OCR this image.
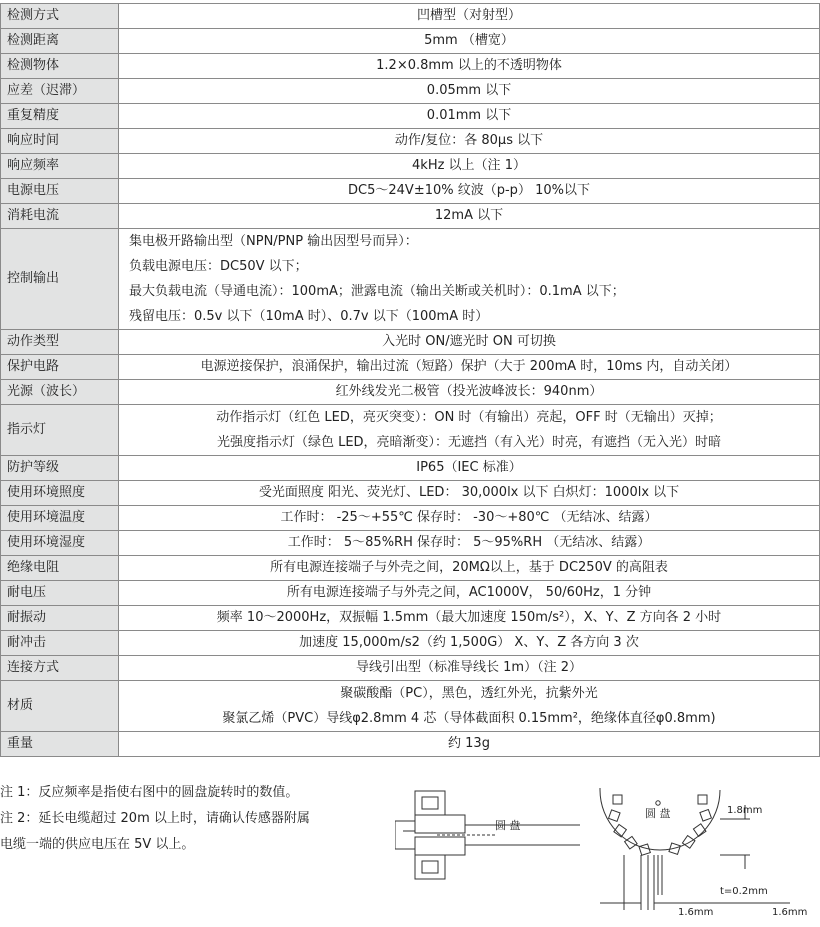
检测方式	凹槽型（对射型）
检测距离	5mm （槽宽）
检测物体	1.2×0.8mm 以上的不透明物体
应差（迟滞）	0.05mm 以下
重复精度	0.01mm 以下
响应时间	动作/复位：各 80μs 以下
响应频率	4kHz 以上（注 1）
电源电压	DC5～24V±10% 纹波（p-p） 10%以下
消耗电流	12mA 以下
控制输出	集电极开路输出型（NPN/PNP 输出因型号而异）：
负载电源电压：DC50V 以下；
最大负载电流（导通电流）：100mA；泄露电流（输出关断或关机时）：0.1mA 以下；
残留电压：0.5v 以下（10mA 时）、0.7v 以下（100mA 时）

动作类型	入光时 ON/遮光时 ON 可切换
保护电路	电源逆接保护，浪涌保护，输出过流（短路）保护（大于 200mA 时，10ms 内，自动关闭）
光源（波长）	红外线发光二极管（投光波峰波长：940nm）
指示灯	动作指示灯（红色 LED，亮灭突变）：ON 时（有输出）亮起，OFF 时（无输出）灭掉；
光强度指示灯（绿色 LED，亮暗渐变）：无遮挡（有入光）时亮，有遮挡（无入光）时暗

防护等级	IP65（IEC 标准）
使用环境照度	受光面照度 阳光、荧光灯、LED： 30,000lx 以下 白炽灯：1000lx 以下
使用环境温度	工作时： -25～+55℃ 保存时： -30～+80℃ （无结冰、结露）
使用环境湿度	工作时： 5～85%RH 保存时： 5～95%RH （无结冰、结露）
绝缘电阻	所有电源连接端子与外壳之间，20MΩ以上，基于 DC250V 的高阻表
耐电压	所有电源连接端子与外壳之间，AC1000V， 50/60Hz，1 分钟
耐振动	频率 10～2000Hz，双振幅 1.5mm（最大加速度 150m/s²），X、Y、Z 方向各 2 小时
耐冲击	加速度 15,000m/s2（约 1,500G） X、Y、Z 各方向 3 次
连接方式	导线引出型（标准导线长 1m）（注 2）
材质	聚碳酸酯（PC），黑色，透红外光，抗紫外光
聚氯乙烯（PVC）导线φ2.8mm 4 芯（导体截面积 0.15mm²，绝缘体直径φ0.8mm)

重量	约 13g
注 1：反应频率是指使右图中的圆盘旋转时的数值。
注 2：延长电缆超过 20m 以上时，请确认传感器附属
电缆一端的供应电压在 5V 以上。
圆 盘
圆 盘	1.8mm
t=0.2mm
1.6mm	1.6mm
